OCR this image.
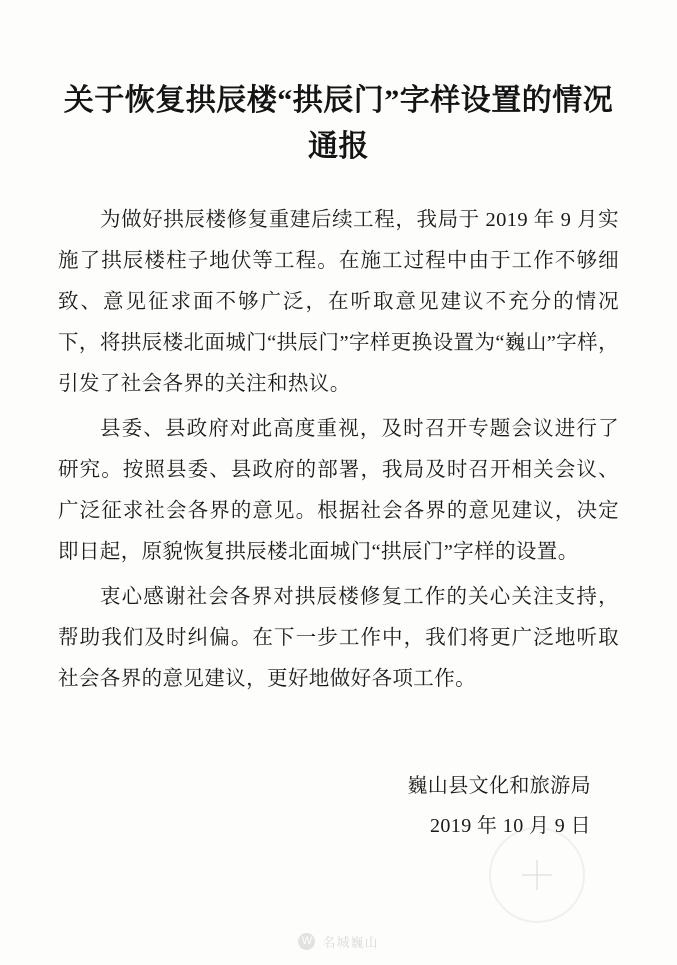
关于恢复拱辰楼“拱辰门”字样设置的情况通报

为做好拱辰楼修复重建后续工程，我局于 2019 年 9 月实施了拱辰楼柱子地伏等工程。在施工过程中由于工作不够细致、意见征求面不够广泛，在听取意见建议不充分的情况下，将拱辰楼北面城门“拱辰门”字样更换设置为“巍山”字样，引发了社会各界的关注和热议。

县委、县政府对此高度重视，及时召开专题会议进行了研究。按照县委、县政府的部署，我局及时召开相关会议、广泛征求社会各界的意见。根据社会各界的意见建议，决定即日起，原貌恢复拱辰楼北面城门“拱辰门”字样的设置。

衷心感谢社会各界对拱辰楼修复工作的关心关注支持，帮助我们及时纠偏。在下一步工作中，我们将更广泛地听取社会各界的意见建议，更好地做好各项工作。

巍山县文化和旅游局
2019 年 10 月 9 日
W 名城巍山
